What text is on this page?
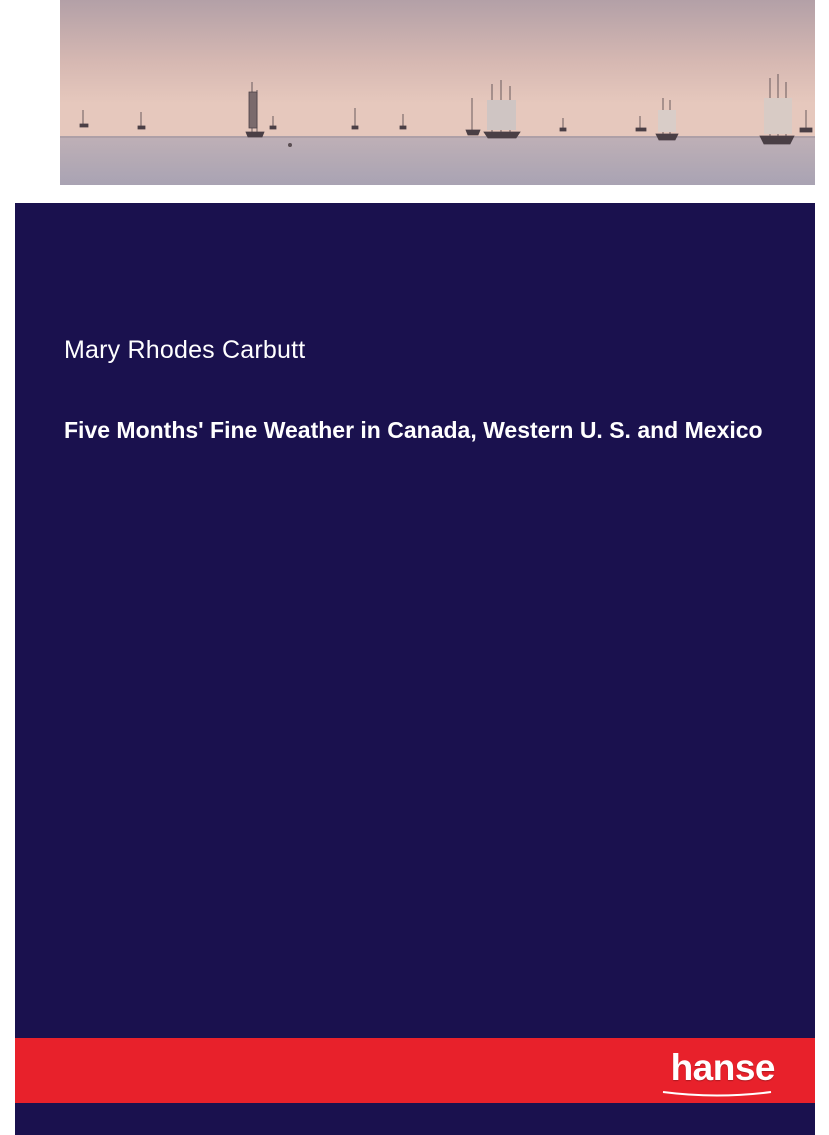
Mary Rhodes Carbutt
Five Months' Fine Weather in Canada, Western U. S. and Mexico
hanse
